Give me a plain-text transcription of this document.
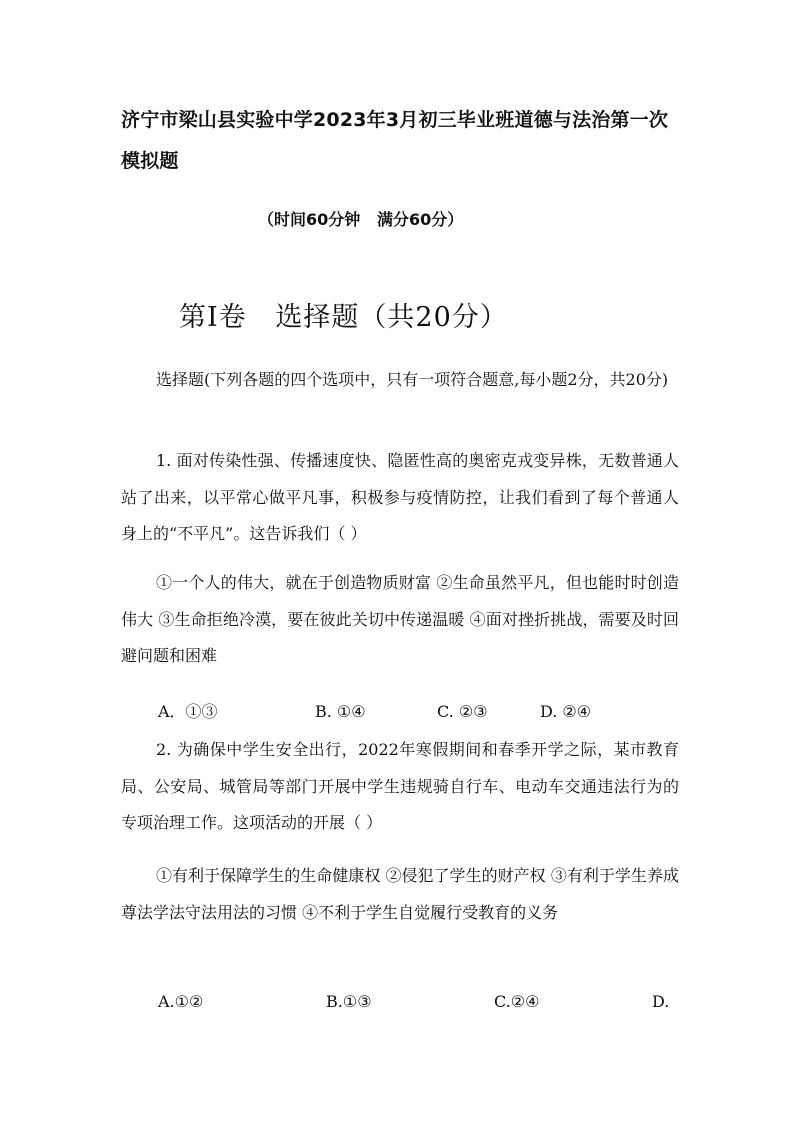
济宁市梁山县实验中学2023年3月初三毕业班道德与法治第一次模拟题
（时间60分钟   满分60分）
第Ⅰ卷   选择题（共20分）
选择题(下列各题的四个选项中，只有一项符合题意,每小题2分，共20分)
1. 面对传染性强、传播速度快、隐匿性高的奥密克戎变异株，无数普通人站了出来，以平常心做平凡事，积极参与疫情防控，让我们看到了每个普通人身上的“不平凡”。这告诉我们（ ）
①一个人的伟大，就在于创造物质财富 ②生命虽然平凡，但也能时时创造伟大 ③生命拒绝冷漠，要在彼此关切中传递温暖 ④面对挫折挑战，需要及时回避问题和困难
A．①③	B. ①④	C. ②③	D. ②④
2. 为确保中学生安全出行，2022年寒假期间和春季开学之际，某市教育局、公安局、城管局等部门开展中学生违规骑自行车、电动车交通违法行为的专项治理工作。这项活动的开展（ ）
①有利于保障学生的生命健康权 ②侵犯了学生的财产权 ③有利于学生养成尊法学法守法用法的习惯 ④不利于学生自觉履行受教育的义务
A.①②	B.①③	C.②④	D.
